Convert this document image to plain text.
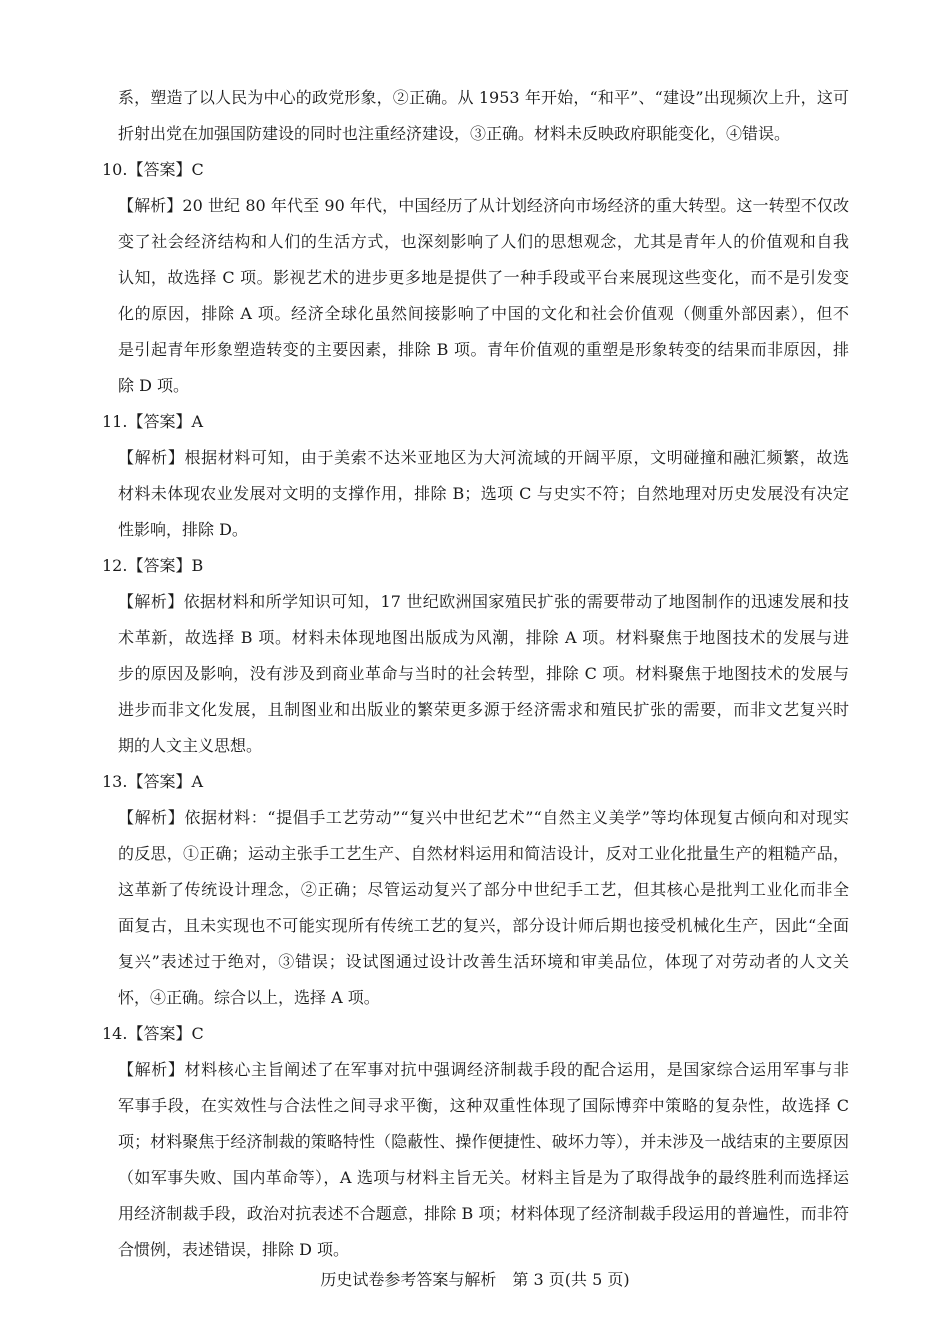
系，塑造了以人民为中心的政党形象，②正确。从 1953 年开始，“和平”、“建设”出现频次上升，这可
折射出党在加强国防建设的同时也注重经济建设，③正确。材料未反映政府职能变化，④错误。
10.【答案】C
【解析】20 世纪 80 年代至 90 年代，中国经历了从计划经济向市场经济的重大转型。这一转型不仅改
变了社会经济结构和人们的生活方式，也深刻影响了人们的思想观念，尤其是青年人的价值观和自我
认知，故选择 C 项。影视艺术的进步更多地是提供了一种手段或平台来展现这些变化，而不是引发变
化的原因，排除 A 项。经济全球化虽然间接影响了中国的文化和社会价值观（侧重外部因素），但不
是引起青年形象塑造转变的主要因素，排除 B 项。青年价值观的重塑是形象转变的结果而非原因，排
除 D 项。
11.【答案】A
【解析】根据材料可知，由于美索不达米亚地区为大河流域的开阔平原，文明碰撞和融汇频繁，故选
材料未体现农业发展对文明的支撑作用，排除 B；选项 C 与史实不符；自然地理对历史发展没有决定
性影响，排除 D。
12.【答案】B
【解析】依据材料和所学知识可知，17 世纪欧洲国家殖民扩张的需要带动了地图制作的迅速发展和技
术革新，故选择 B 项。材料未体现地图出版成为风潮，排除 A 项。材料聚焦于地图技术的发展与进
步的原因及影响，没有涉及到商业革命与当时的社会转型，排除 C 项。材料聚焦于地图技术的发展与
进步而非文化发展，且制图业和出版业的繁荣更多源于经济需求和殖民扩张的需要，而非文艺复兴时
期的人文主义思想。
13.【答案】A
【解析】依据材料：“提倡手工艺劳动”“复兴中世纪艺术”“自然主义美学”等均体现复古倾向和对现实
的反思，①正确；运动主张手工艺生产、自然材料运用和简洁设计，反对工业化批量生产的粗糙产品，
这革新了传统设计理念，②正确；尽管运动复兴了部分中世纪手工艺，但其核心是批判工业化而非全
面复古，且未实现也不可能实现所有传统工艺的复兴，部分设计师后期也接受机械化生产，因此“全面
复兴”表述过于绝对，③错误；设试图通过设计改善生活环境和审美品位，体现了对劳动者的人文关
怀，④正确。综合以上，选择 A 项。
14.【答案】C
【解析】材料核心主旨阐述了在军事对抗中强调经济制裁手段的配合运用，是国家综合运用军事与非
军事手段，在实效性与合法性之间寻求平衡，这种双重性体现了国际博弈中策略的复杂性，故选择 C
项；材料聚焦于经济制裁的策略特性（隐蔽性、操作便捷性、破坏力等），并未涉及一战结束的主要原因
（如军事失败、国内革命等），A 选项与材料主旨无关。材料主旨是为了取得战争的最终胜利而选择运
用经济制裁手段，政治对抗表述不合题意，排除 B 项；材料体现了经济制裁手段运用的普遍性，而非符
合惯例，表述错误，排除 D 项。
历史试卷参考答案与解析　第 3 页(共 5 页)
